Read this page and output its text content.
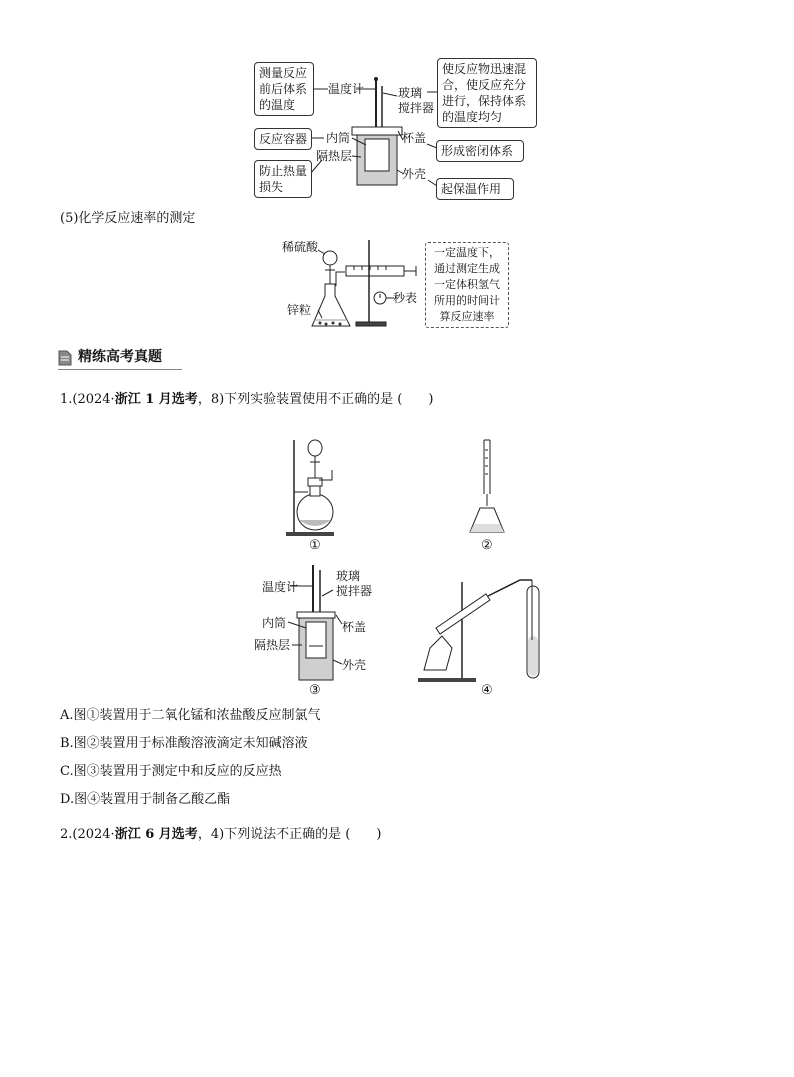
测量反应
前后体系
的温度
温度计	玻璃
搅拌器
使反应物迅速混
合，使反应充分
进行，保持体系
的温度均匀
反应容器	内筒	杯盖
形成密闭体系
隔热层
防止热量
损失
外壳
起保温作用
(5)化学反应速率的测定
稀硫酸
锌粒
秒表
一定温度下，
通过测定生成
一定体积氢气
所用的时间计
算反应速率
精练高考真题
1.(2024·浙江 1 月选考，8)下列实验装置使用不正确的是 (　　)
①	②
③	④
温度计
玻璃
搅拌器
内筒	杯盖
隔热层
外壳
A.图①装置用于二氧化锰和浓盐酸反应制氯气
B.图②装置用于标准酸溶液滴定未知碱溶液
C.图③装置用于测定中和反应的反应热
D.图④装置用于制备乙酸乙酯
2.(2024·浙江 6 月选考，4)下列说法不正确的是 (　　)
